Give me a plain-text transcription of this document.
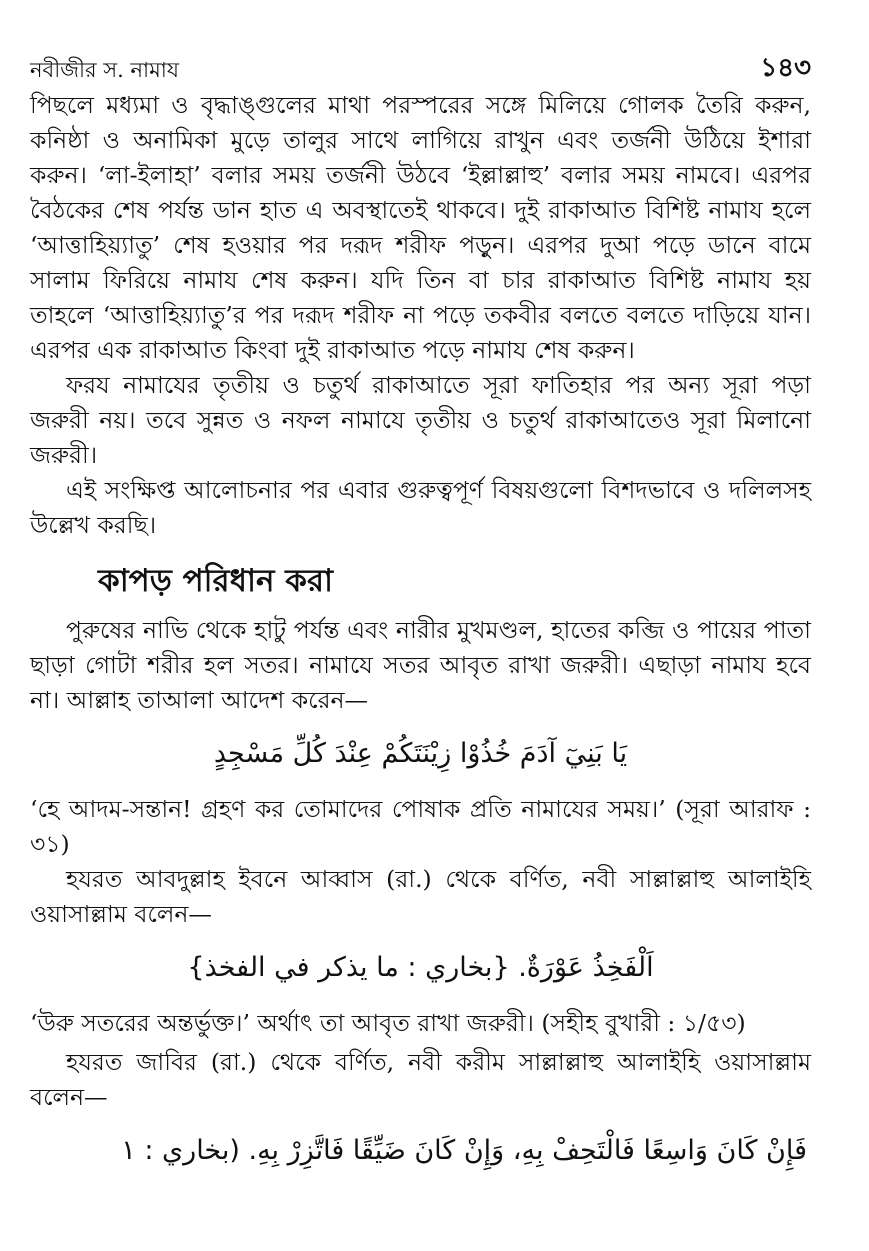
নবীজীর স. নামায	১৪৩

পিছলে মধ্যমা ও বৃদ্ধাঙ্গুলের মাথা পরস্পরের সঙ্গে মিলিয়ে গোলক তৈরি করুন, কনিষ্ঠা ও অনামিকা মুড়ে তালুর সাথে লাগিয়ে রাখুন এবং তর্জনী উঠিয়ে ইশারা করুন। ‘লা-ইলাহা’ বলার সময় তর্জনী উঠবে ‘ইল্লাল্লাহু’ বলার সময় নামবে। এরপর বৈঠকের শেষ পর্যন্ত ডান হাত এ অবস্থাতেই থাকবে। দুই রাকাআত বিশিষ্ট নামায হলে ‘আত্তাহিয়্যাতু’ শেষ হওয়ার পর দরূদ শরীফ পড়ুন। এরপর দুআ পড়ে ডানে বামে সালাম ফিরিয়ে নামায শেষ করুন। যদি তিন বা চার রাকাআত বিশিষ্ট নামায হয় তাহলে ‘আত্তাহিয়্যাতু’র পর দরূদ শরীফ না পড়ে তকবীর বলতে বলতে দাড়িয়ে যান। এরপর এক রাকাআত কিংবা দুই রাকাআত পড়ে নামায শেষ করুন।

ফরয নামাযের তৃতীয় ও চতুর্থ রাকাআতে সূরা ফাতিহার পর অন্য সূরা পড়া জরুরী নয়। তবে সুন্নত ও নফল নামাযে তৃতীয় ও চতুর্থ রাকাআতেও সূরা মিলানো জরুরী।

এই সংক্ষিপ্ত আলোচনার পর এবার গুরুত্বপূর্ণ বিষয়গুলো বিশদভাবে ও দলিলসহ উল্লেখ করছি।

কাপড় পরিধান করা

পুরুষের নাভি থেকে হাটু পর্যন্ত এবং নারীর মুখমণ্ডল, হাতের কব্জি ও পায়ের পাতা ছাড়া গোটা শরীর হল সতর। নামাযে সতর আবৃত রাখা জরুরী। এছাড়া নামায হবে না। আল্লাহ তাআলা আদেশ করেন—

يَا بَنِيٓ آدَمَ خُذُوْا زِيْنَتَكُمْ عِنْدَ كُلِّ مَسْجِدٍ

‘হে আদম-সন্তান! গ্রহণ কর তোমাদের পোষাক প্রতি নামাযের সময়।’ (সূরা আরাফ : ৩১)

হযরত আবদুল্লাহ ইবনে আব্বাস (রা.) থেকে বর্ণিত, নবী সাল্লাল্লাহু আলাইহি ওয়াসাল্লাম বলেন—

اَلْفَخِذُ عَوْرَةٌ. {بخاري : ما يذكر في الفخذ}

‘উরু সতরের অন্তর্ভুক্ত।’ অর্থাৎ তা আবৃত রাখা জরুরী। (সহীহ বুখারী : ১/৫৩)

হযরত জাবির (রা.) থেকে বর্ণিত, নবী করীম সাল্লাল্লাহু আলাইহি ওয়াসাল্লাম বলেন—

فَإِنْ كَانَ وَاسِعًا فَالْتَحِفْ بِهِ، وَإِنْ كَانَ ضَيِّقًا فَاتَّزِرْ بِهِ. (بخاري : ١
